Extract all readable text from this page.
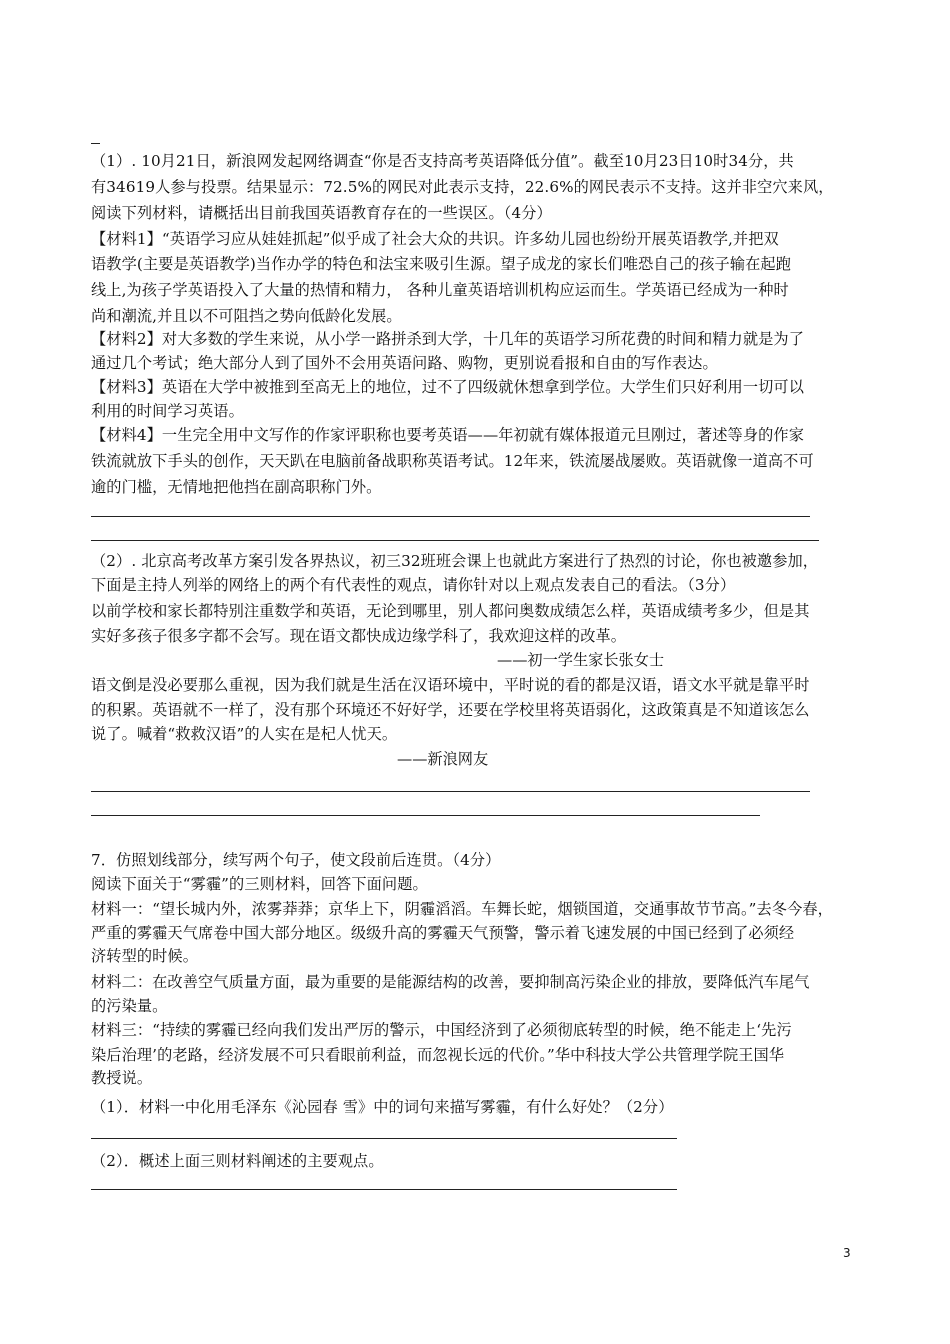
（1）. 10月21日，新浪网发起网络调查“你是否支持高考英语降低分值”。截至10月23日10时34分，共
有34619人参与投票。结果显示：72.5%的网民对此表示支持，22.6%的网民表示不支持。这并非空穴来风，
阅读下列材料，请概括出目前我国英语教育存在的一些误区。（4分）
【材料1】“英语学习应从娃娃抓起”似乎成了社会大众的共识。许多幼儿园也纷纷开展英语教学,并把双
语教学(主要是英语教学)当作办学的特色和法宝来吸引生源。望子成龙的家长们唯恐自己的孩子输在起跑
线上,为孩子学英语投入了大量的热情和精力， 各种儿童英语培训机构应运而生。学英语已经成为一种时
尚和潮流,并且以不可阻挡之势向低龄化发展。
【材料2】对大多数的学生来说，从小学一路拼杀到大学，十几年的英语学习所花费的时间和精力就是为了
通过几个考试；绝大部分人到了国外不会用英语问路、购物，更别说看报和自由的写作表达。
【材料3】英语在大学中被推到至高无上的地位，过不了四级就休想拿到学位。大学生们只好利用一切可以
利用的时间学习英语。
【材料4】一生完全用中文写作的作家评职称也要考英语——年初就有媒体报道元旦刚过，著述等身的作家
铁流就放下手头的创作，天天趴在电脑前备战职称英语考试。12年来，铁流屡战屡败。英语就像一道高不可
逾的门槛，无情地把他挡在副高职称门外。
（2）. 北京高考改革方案引发各界热议，初三32班班会课上也就此方案进行了热烈的讨论，你也被邀参加，
下面是主持人列举的网络上的两个有代表性的观点，请你针对以上观点发表自己的看法。（3分）
以前学校和家长都特别注重数学和英语，无论到哪里，别人都问奥数成绩怎么样，英语成绩考多少，但是其
实好多孩子很多字都不会写。现在语文都快成边缘学科了，我欢迎这样的改革。
——初一学生家长张女士
语文倒是没必要那么重视，因为我们就是生活在汉语环境中，平时说的看的都是汉语，语文水平就是靠平时
的积累。英语就不一样了，没有那个环境还不好好学，还要在学校里将英语弱化，这政策真是不知道该怎么
说了。喊着“救救汉语”的人实在是杞人忧天。
——新浪网友
7．仿照划线部分，续写两个句子，使文段前后连贯。（4分）
阅读下面关于“雾霾”的三则材料，回答下面问题。
材料一：“望长城内外，浓雾莽莽；京华上下，阴霾滔滔。车舞长蛇，烟锁国道，交通事故节节高。”去冬今春，
严重的雾霾天气席卷中国大部分地区。级级升高的雾霾天气预警，警示着飞速发展的中国已经到了必须经
济转型的时候。
材料二：在改善空气质量方面，最为重要的是能源结构的改善，要抑制高污染企业的排放，要降低汽车尾气
的污染量。
材料三：“持续的雾霾已经向我们发出严厉的警示，中国经济到了必须彻底转型的时候，绝不能走上‘先污
染后治理’的老路，经济发展不可只看眼前利益，而忽视长远的代价。”华中科技大学公共管理学院王国华
教授说。
（1）．材料一中化用毛泽东《沁园春 雪》中的词句来描写雾霾，有什么好处？（2分）
（2）．概述上面三则材料阐述的主要观点。
3
